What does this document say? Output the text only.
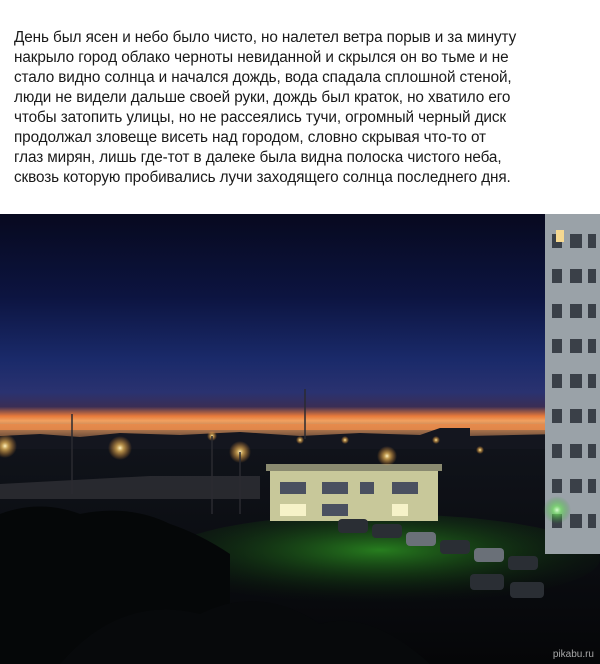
День был ясен и небо было чисто, но налетел ветра порыв и за минуту
накрыло город облако черноты невиданной и скрылся он во тьме и не
стало видно солнца и начался дождь, вода спадала сплошной стеной,
люди не видели дальше своей руки, дождь был краток, но хватило его
чтобы затопить улицы, но не рассеялись тучи, огромный черный диск
продолжал зловеще висеть над городом, словно скрывая что-то от
глаз мирян, лишь где-тот в далеке была видна полоска чистого неба,
сквозь которую пробивались лучи заходящего солнца последнего дня.
pikabu.ru
